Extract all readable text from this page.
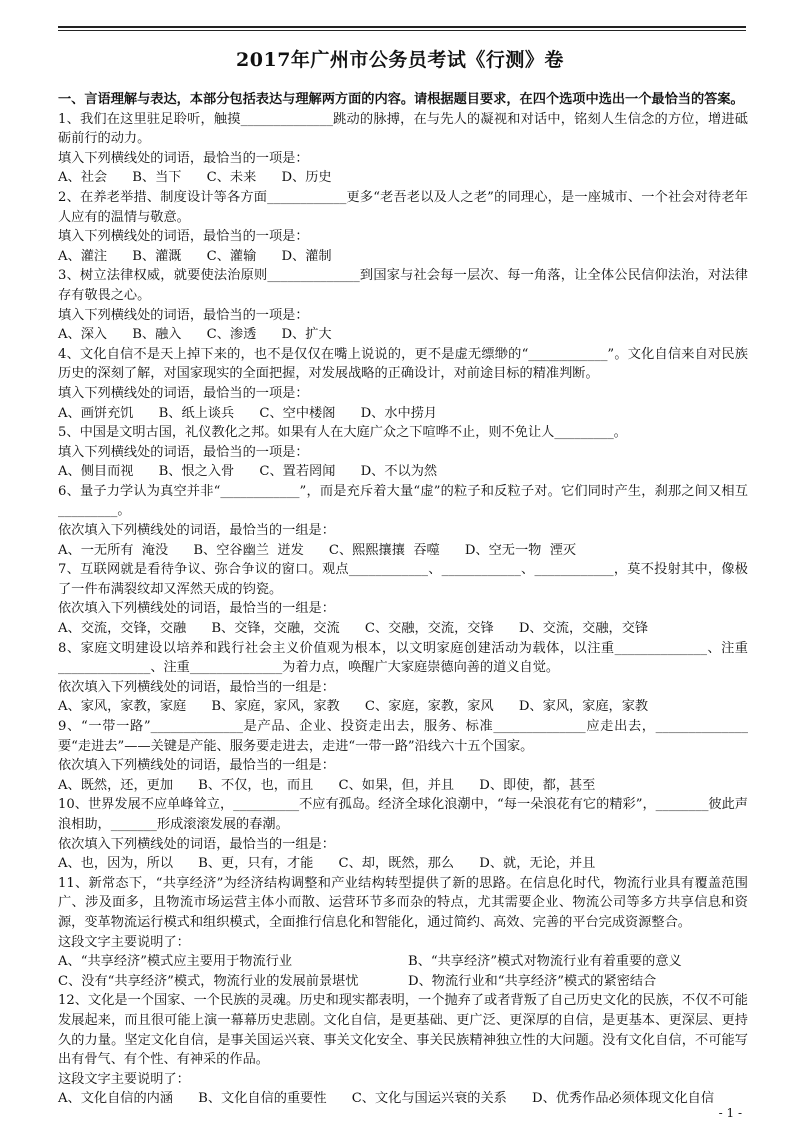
2017年广州市公务员考试《行测》卷
一、言语理解与表达，本部分包括表达与理解两方面的内容。请根据题目要求，在四个选项中选出一个最恰当的答案。
1、我们在这里驻足聆听，触摸______________跳动的脉搏，在与先人的凝视和对话中，铭刻人生信念的方位，增进砥砺前行的动力。
填入下列横线处的词语，最恰当的一项是：
A、社会      B、当下      C、未来      D、历史
2、在养老举措、制度设计等各方面____________更多“老吾老以及人之老”的同理心，是一座城市、一个社会对待老年人应有的温情与敬意。
填入下列横线处的词语，最恰当的一项是：
A、灌注      B、灌溉      C、灌输      D、灌制
3、树立法律权威，就要使法治原则______________到国家与社会每一层次、每一角落，让全体公民信仰法治，对法律存有敬畏之心。
填入下列横线处的词语，最恰当的一项是：
A、深入      B、融入      C、渗透      D、扩大
4、文化自信不是天上掉下来的，也不是仅仅在嘴上说说的，更不是虚无缥缈的“____________”。文化自信来自对民族历史的深刻了解，对国家现实的全面把握，对发展战略的正确设计，对前途目标的精准判断。
填入下列横线处的词语，最恰当的一项是：
A、画饼充饥      B、纸上谈兵      C、空中楼阁      D、水中捞月
5、中国是文明古国，礼仪教化之邦。如果有人在大庭广众之下喧哗不止，则不免让人_________。
填入下列横线处的词语，最恰当的一项是：
A、侧目而视      B、恨之入骨      C、置若罔闻      D、不以为然
6、量子力学认为真空并非“____________”，而是充斥着大量“虚”的粒子和反粒子对。它们同时产生，刹那之间又相互_________。
依次填入下列横线处的词语，最恰当的一组是：
A、一无所有  淹没      B、空谷幽兰  迸发      C、熙熙攘攘  吞噬      D、空无一物  湮灭
7、互联网就是看待争议、弥合争议的窗口。观点____________、____________、____________，莫不投射其中，像极了一件布满裂纹却又浑然天成的钧瓷。
依次填入下列横线处的词语，最恰当的一组是：
A、交流，交锋，交融      B、交锋，交融，交流      C、交融，交流，交锋      D、交流，交融，交锋
8、家庭文明建设以培养和践行社会主义价值观为根本，以文明家庭创建活动为载体，以注重______________、注重______________、注重______________为着力点，唤醒广大家庭崇德向善的道义自觉。
依次填入下列横线处的词语，最恰当的一组是：
A、家风，家教，家庭      B、家庭，家风，家教      C、家庭，家教，家风      D、家风，家庭，家教
9、“一带一路”______________是产品、企业、投资走出去，服务、标准______________应走出去，______________要“走进去”——关键是产能、服务要走进去，走进“一带一路”沿线六十五个国家。
依次填入下列横线处的词语，最恰当的一组是：
A、既然，还，更加      B、不仅，也，而且      C、如果，但，并且      D、即使，都，甚至
10、世界发展不应单峰耸立，__________不应有孤岛。经济全球化浪潮中，“每一朵浪花有它的精彩”，________彼此声浪相助，_______形成滚滚发展的春潮。
依次填入下列横线处的词语，最恰当的一组是：
A、也，因为，所以      B、更，只有，才能      C、却，既然，那么      D、就，无论，并且
11、新常态下，“共享经济”为经济结构调整和产业结构转型提供了新的思路。在信息化时代，物流行业具有覆盖范围广、涉及面多，且物流市场运营主体小而散、运营环节多而杂的特点，尤其需要企业、物流公司等多方共享信息和资源，变革物流运行模式和组织模式，全面推行信息化和智能化，通过简约、高效、完善的平台完成资源整合。
这段文字主要说明了：
A、“共享经济”模式应主要用于物流行业	B、“共享经济”模式对物流行业有着重要的意义
C、没有“共享经济”模式，物流行业的发展前景堪忧	D、物流行业和“共享经济”模式的紧密结合
12、文化是一个国家、一个民族的灵魂。历史和现实都表明，一个抛弃了或者背叛了自己历史文化的民族，不仅不可能发展起来，而且很可能上演一幕幕历史悲剧。文化自信，是更基础、更广泛、更深厚的自信，是更基本、更深层、更持久的力量。坚定文化自信，是事关国运兴衰、事关文化安全、事关民族精神独立性的大问题。没有文化自信，不可能写出有骨气、有个性、有神采的作品。
这段文字主要说明了：
A、文化自信的内涵      B、文化自信的重要性      C、文化与国运兴衰的关系      D、优秀作品必须体现文化自信
- 1 -
